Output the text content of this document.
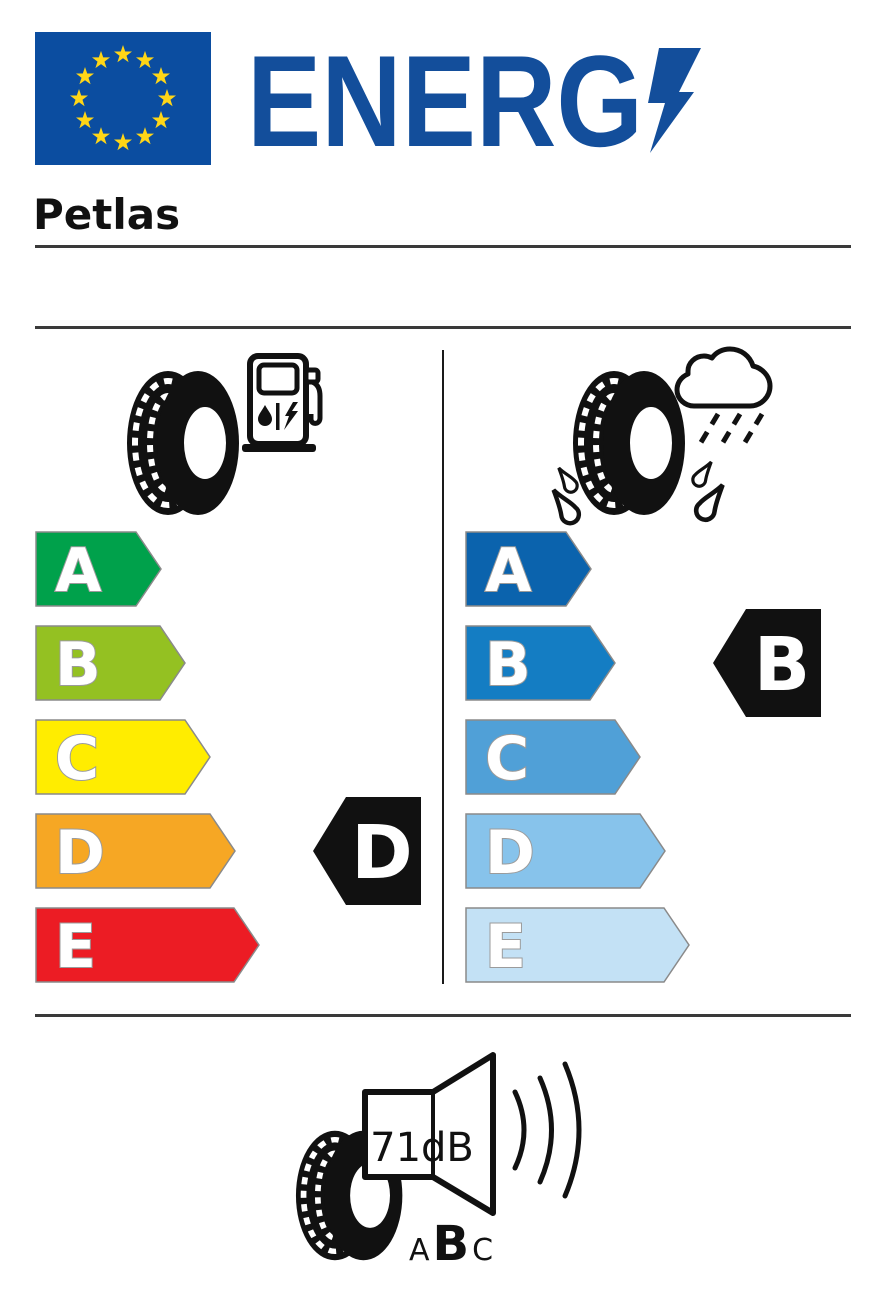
ENERG
Petlas
A
B
C
D
E
D
A
B
C
D
E
B
71dB
A B C
